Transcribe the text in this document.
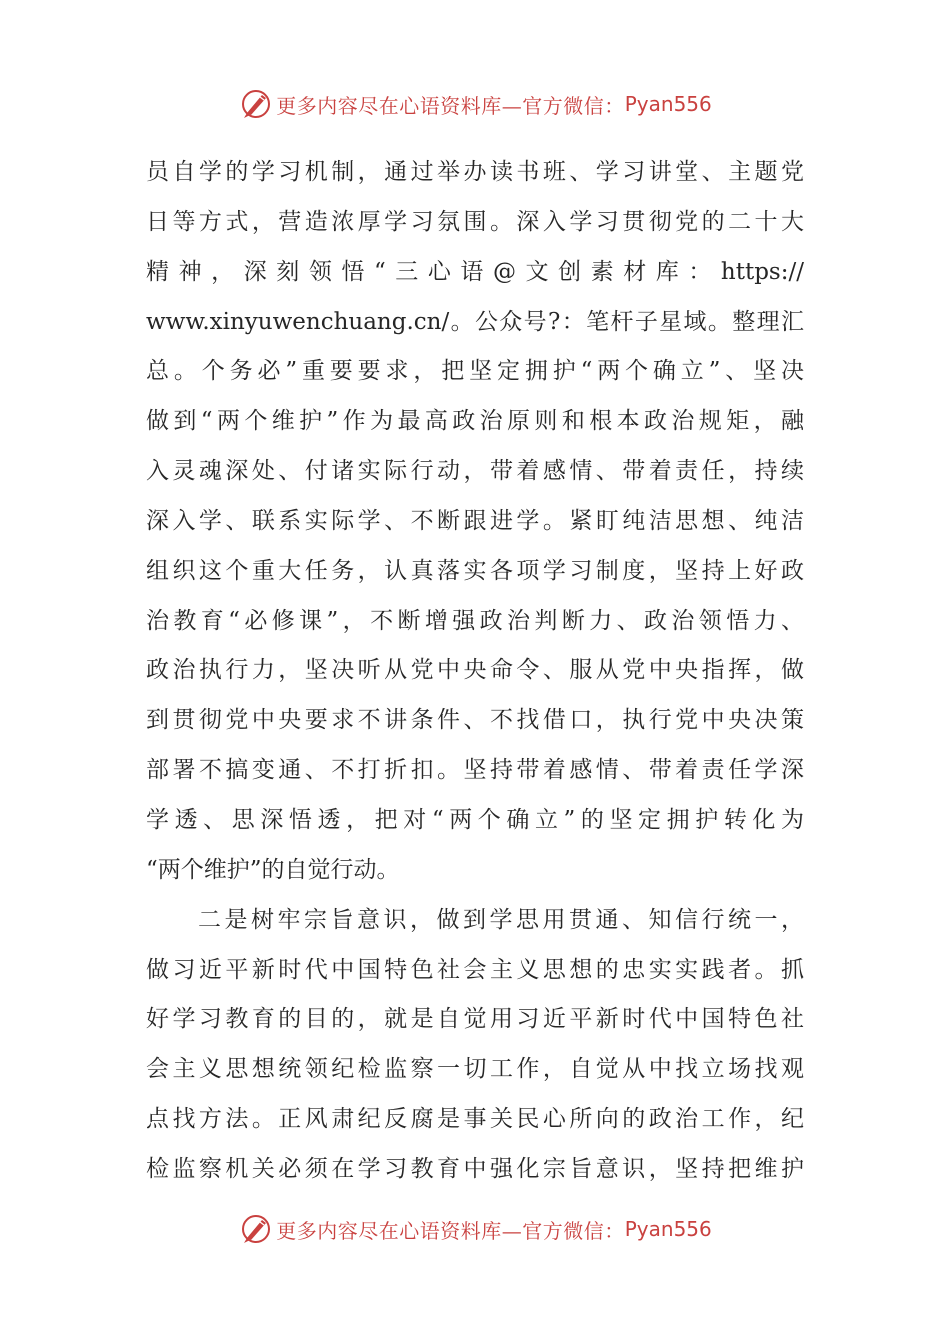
更多内容尽在心语资料库—官方微信： Pyan556
员自学的学习机制，通过举办读书班、学习讲堂、主题党
日等方式，营造浓厚学习氛围。深入学习贯彻党的二十大
精神，深刻领悟“三心语@文创素材库：https://
www.xinyuwenchuang.cn/。公众号?：笔杆子星域。整理汇
总。个务必”重要要求，把坚定拥护“两个确立”、坚决
做到“两个维护”作为最高政治原则和根本政治规矩，融
入灵魂深处、付诸实际行动，带着感情、带着责任，持续
深入学、联系实际学、不断跟进学。紧盯纯洁思想、纯洁
组织这个重大任务，认真落实各项学习制度，坚持上好政
治教育“必修课”，不断增强政治判断力、政治领悟力、
政治执行力，坚决听从党中央命令、服从党中央指挥，做
到贯彻党中央要求不讲条件、不找借口，执行党中央决策
部署不搞变通、不打折扣。坚持带着感情、带着责任学深
学透、思深悟透，把对“两个确立”的坚定拥护转化为
“两个维护”的自觉行动。
二是树牢宗旨意识，做到学思用贯通、知信行统一，
做习近平新时代中国特色社会主义思想的忠实实践者。抓
好学习教育的目的，就是自觉用习近平新时代中国特色社
会主义思想统领纪检监察一切工作，自觉从中找立场找观
点找方法。正风肃纪反腐是事关民心所向的政治工作，纪
检监察机关必须在学习教育中强化宗旨意识，坚持把维护
更多内容尽在心语资料库—官方微信： Pyan556
